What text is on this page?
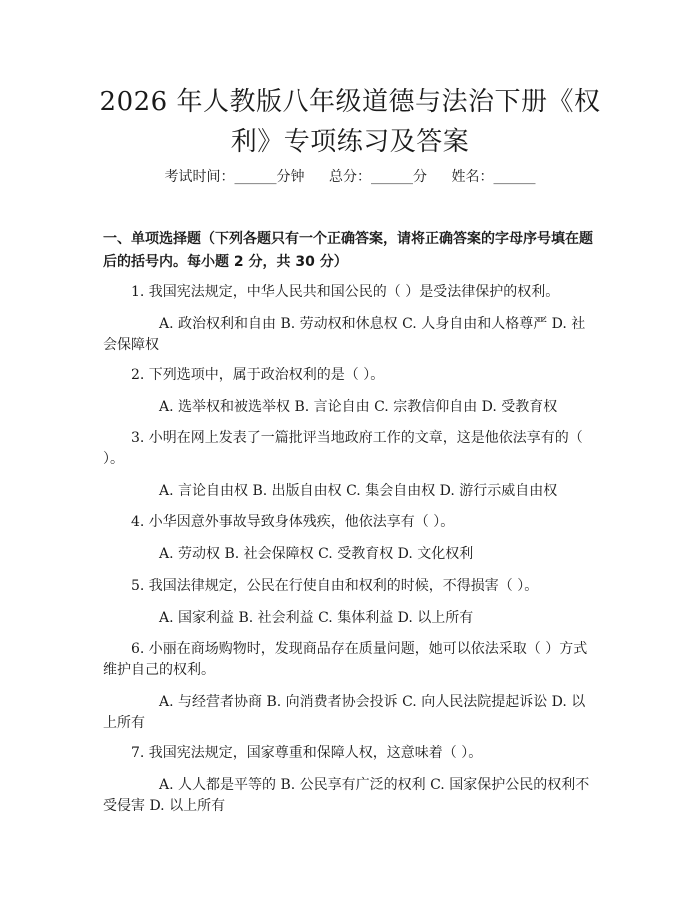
2026 年人教版八年级道德与法治下册《权利》专项练习及答案
考试时间：______分钟 总分：______分 姓名：______
一、单项选择题（下列各题只有一个正确答案，请将正确答案的字母序号填在题后的括号内。每小题 2 分，共 30 分）
1. 我国宪法规定，中华人民共和国公民的（ ）是受法律保护的权利。
A. 政治权利和自由 B. 劳动权和休息权 C. 人身自由和人格尊严 D. 社会保障权
2. 下列选项中，属于政治权利的是（ ）。
A. 选举权和被选举权 B. 言论自由 C. 宗教信仰自由 D. 受教育权
3. 小明在网上发表了一篇批评当地政府工作的文章，这是他依法享有的（ ）。
A. 言论自由权 B. 出版自由权 C. 集会自由权 D. 游行示威自由权
4. 小华因意外事故导致身体残疾，他依法享有（ ）。
A. 劳动权 B. 社会保障权 C. 受教育权 D. 文化权利
5. 我国法律规定，公民在行使自由和权利的时候，不得损害（ ）。
A. 国家利益 B. 社会利益 C. 集体利益 D. 以上所有
6. 小丽在商场购物时，发现商品存在质量问题，她可以依法采取（ ）方式维护自己的权利。
A. 与经营者协商 B. 向消费者协会投诉 C. 向人民法院提起诉讼 D. 以上所有
7. 我国宪法规定，国家尊重和保障人权，这意味着（ ）。
A. 人人都是平等的 B. 公民享有广泛的权利 C. 国家保护公民的权利不受侵害 D. 以上所有
